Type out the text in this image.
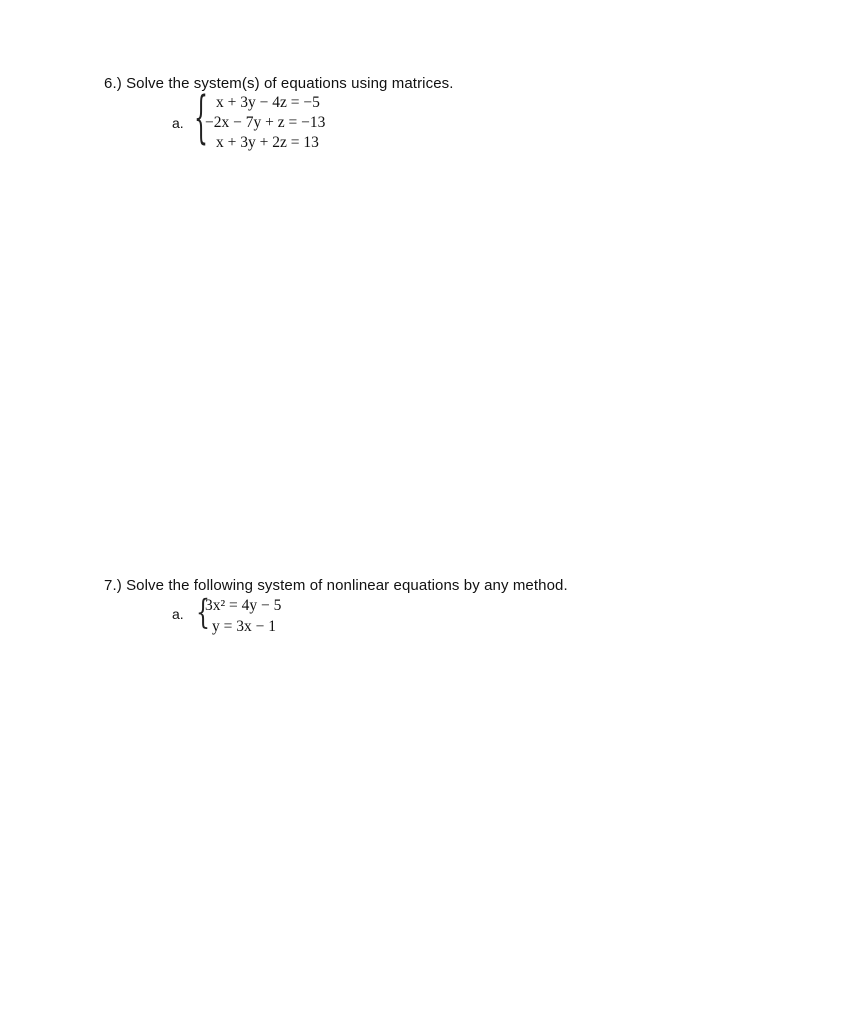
6.) Solve the system(s) of equations using matrices.
a. { x + 3y − 4z = −5
−2x − 7y + z = −13
x + 3y + 2z = 13
7.) Solve the following system of nonlinear equations by any method.
a. {
3x² = 4y − 5
y = 3x − 1
